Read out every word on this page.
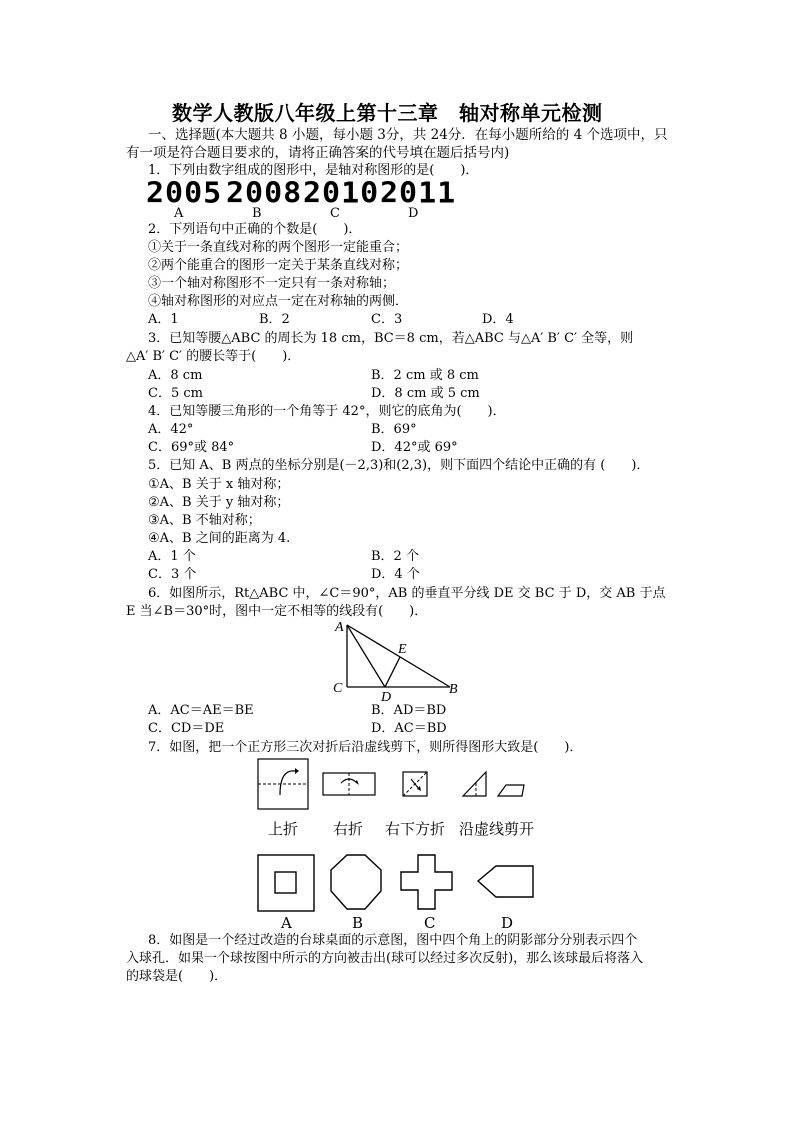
数学人教版八年级上第十三章　轴对称单元检测
一、选择题(本大题共 8 小题，每小题 3分，共 24分．在每小题所给的 4 个选项中，只
有一项是符合题目要求的，请将正确答案的代号填在题后括号内)
1．下列由数字组成的图形中，是轴对称图形的是(　　)．
2005 2008 2010 2011
A	B	C	D
2．下列语句中正确的个数是(　　)．
①关于一条直线对称的两个图形一定能重合；
②两个能重合的图形一定关于某条直线对称；
③一个轴对称图形不一定只有一条对称轴；
④轴对称图形的对应点一定在对称轴的两侧．
A．1	B．2	C．3	D．4
3．已知等腰△ABC 的周长为 18 cm，BC＝8 cm，若△ABC 与△A′ B′ C′ 全等，则
△A′ B′ C′ 的腰长等于(　　)．
A．8 cm	B．2 cm 或 8 cm
C．5 cm	D．8 cm 或 5 cm
4．已知等腰三角形的一个角等于 42°，则它的底角为(　　)．
A．42°	B．69°
C．69°或 84°	D．42°或 69°
5．已知 A、B 两点的坐标分别是(－2,3)和(2,3)，则下面四个结论中正确的有 (　　)．
①A、B 关于 x 轴对称；
②A、B 关于 y 轴对称；
③A、B 不轴对称；
④A、B 之间的距离为 4.
A．1 个	B．2 个
C．3 个	D．4 个
6．如图所示，Rt△ABC 中，∠C＝90°，AB 的垂直平分线 DE 交 BC 于 D，交 AB 于点
E 当∠B＝30°时，图中一定不相等的线段有(　　)．
A
E
C
D
B
A．AC＝AE＝BE	B．AD＝BD
C．CD＝DE	D．AC＝BD
7．如图，把一个正方形三次对折后沿虚线剪下，则所得图形大致是(　　)．
上折 右折 右下方折 沿虚线剪开
A	B	C	D
8．如图是一个经过改造的台球桌面的示意图，图中四个角上的阴影部分分别表示四个
入球孔．如果一个球按图中所示的方向被击出(球可以经过多次反射)，那么该球最后将落入
的球袋是(　　)．
